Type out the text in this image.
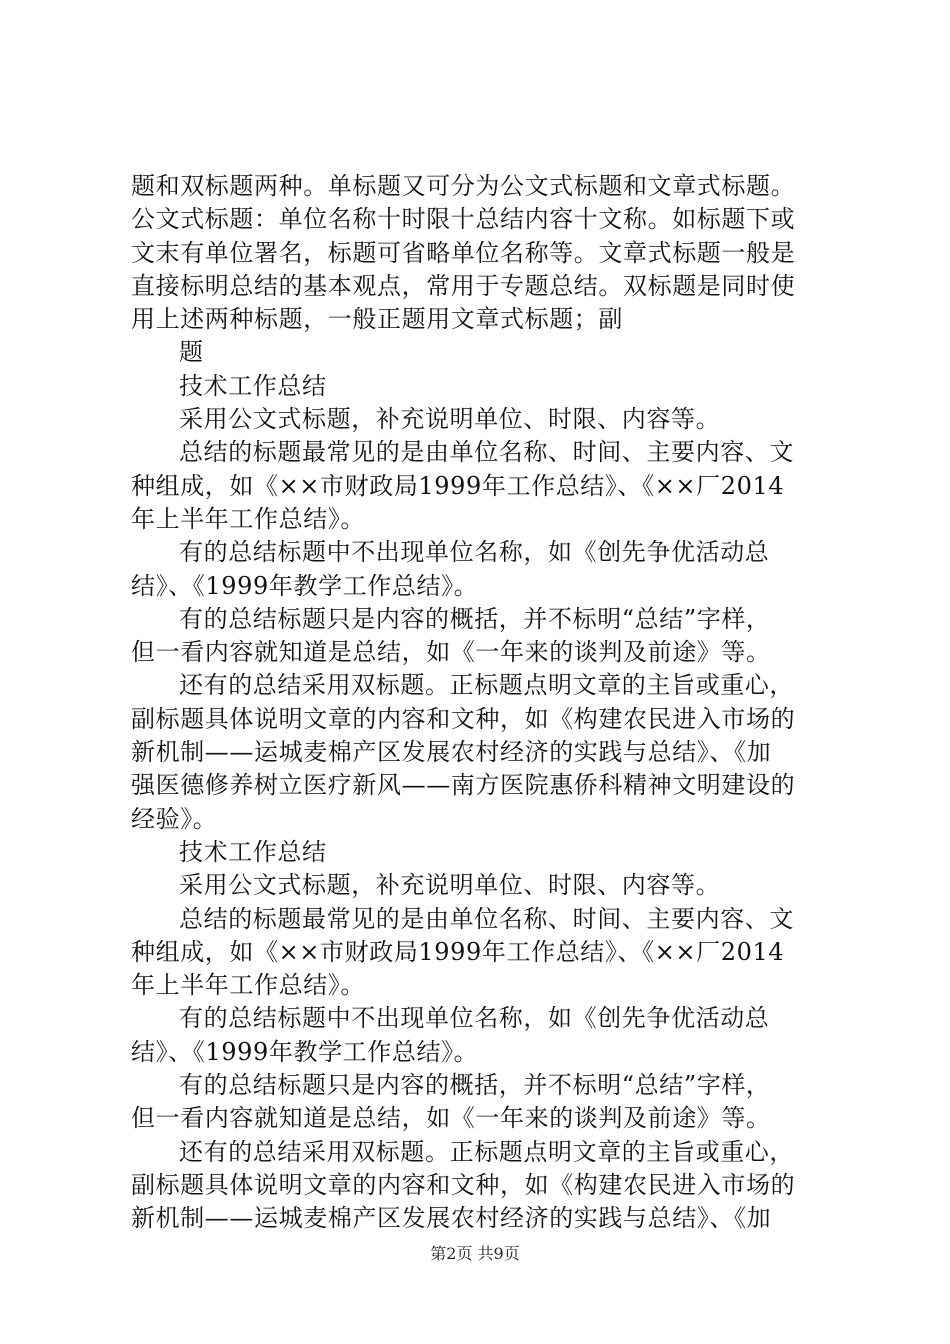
题和双标题两种。单标题又可分为公文式标题和文章式标题。
公文式标题：单位名称十时限十总结内容十文称。如标题下或
文末有单位署名，标题可省略单位名称等。文章式标题一般是
直接标明总结的基本观点，常用于专题总结。双标题是同时使
用上述两种标题，一般正题用文章式标题；副
题
技术工作总结
采用公文式标题，补充说明单位、时限、内容等。
总结的标题最常见的是由单位名称、时间、主要内容、文
种组成，如《××市财政局1999年工作总结》、《××厂2014
年上半年工作总结》。
有的总结标题中不出现单位名称，如《创先争优活动总
结》、《1999年教学工作总结》。
有的总结标题只是内容的概括，并不标明“总结”字样，
但一看内容就知道是总结，如《一年来的谈判及前途》等。
还有的总结采用双标题。正标题点明文章的主旨或重心，
副标题具体说明文章的内容和文种，如《构建农民进入市场的
新机制——运城麦棉产区发展农村经济的实践与总结》、《加
强医德修养树立医疗新风——南方医院惠侨科精神文明建设的
经验》。
技术工作总结
采用公文式标题，补充说明单位、时限、内容等。
总结的标题最常见的是由单位名称、时间、主要内容、文
种组成，如《××市财政局1999年工作总结》、《××厂2014
年上半年工作总结》。
有的总结标题中不出现单位名称，如《创先争优活动总
结》、《1999年教学工作总结》。
有的总结标题只是内容的概括，并不标明“总结”字样，
但一看内容就知道是总结，如《一年来的谈判及前途》等。
还有的总结采用双标题。正标题点明文章的主旨或重心，
副标题具体说明文章的内容和文种，如《构建农民进入市场的
新机制——运城麦棉产区发展农村经济的实践与总结》、《加
第2页 共9页
